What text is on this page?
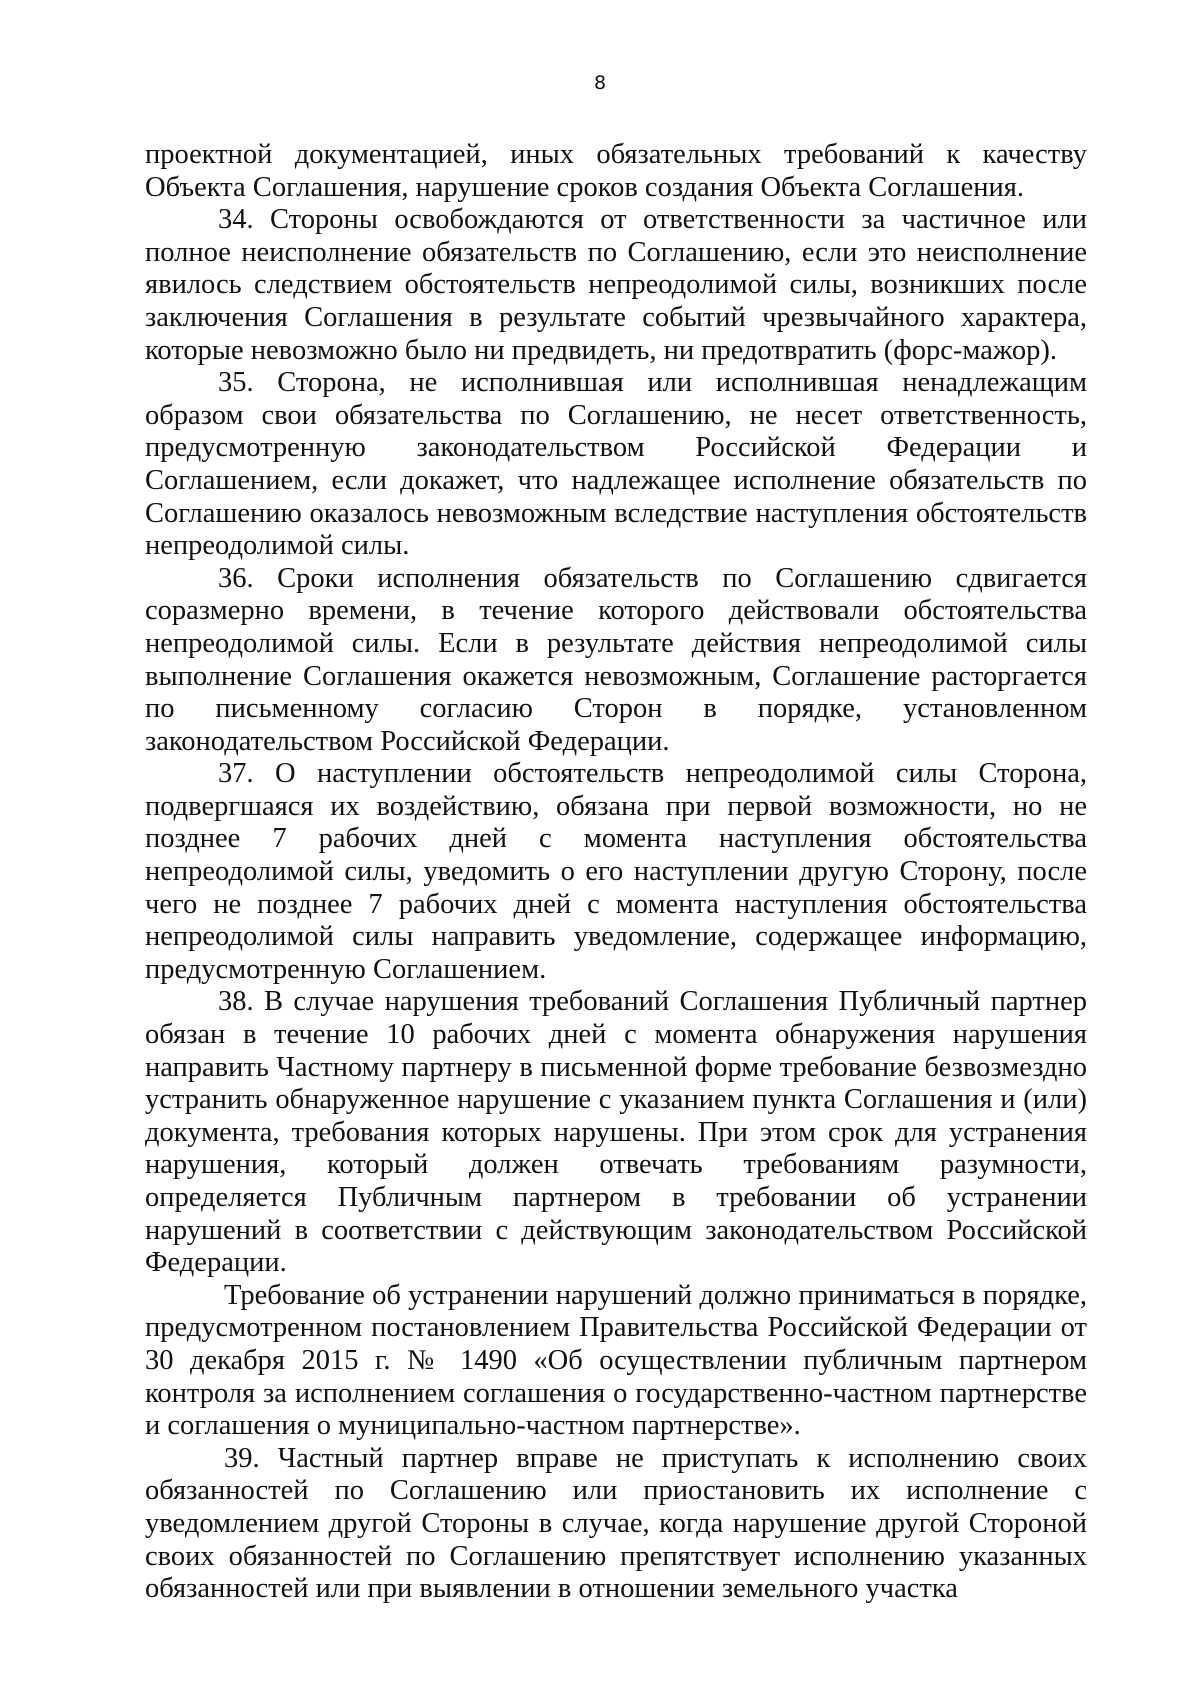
8

проектной документацией, иных обязательных требований к качеству Объекта Соглашения, нарушение сроков создания Объекта Соглашения.

34. Стороны освобождаются от ответственности за частичное или полное неисполнение обязательств по Соглашению, если это неисполнение явилось следствием обстоятельств непреодолимой силы, возникших после заключения Соглашения в результате событий чрезвычайного характера, которые невозможно было ни предвидеть, ни предотвратить (форс-мажор).

35. Сторона, не исполнившая или исполнившая ненадлежащим образом свои обязательства по Соглашению, не несет ответственность, предусмотренную законодательством Российской Федерации и Соглашением, если докажет, что надлежащее исполнение обязательств по Соглашению оказалось невозможным вследствие наступления обстоятельств непреодолимой силы.

36. Сроки исполнения обязательств по Соглашению сдвигается соразмерно времени, в течение которого действовали обстоятельства непреодолимой силы. Если в результате действия непреодолимой силы выполнение Соглашения окажется невозможным, Соглашение расторгается по письменному согласию Сторон в порядке, установленном законодательством Российской Федерации.

37. О наступлении обстоятельств непреодолимой силы Сторона, подвергшаяся их воздействию, обязана при первой возможности, но не позднее 7 рабочих дней с момента наступления обстоятельства непреодолимой силы, уведомить о его наступлении другую Сторону, после чего не позднее 7 рабочих дней с момента наступления обстоятельства непреодолимой силы направить уведомление, содержащее информацию, предусмотренную Соглашением.

38. В случае нарушения требований Соглашения Публичный партнер обязан в течение 10 рабочих дней с момента обнаружения нарушения направить Частному партнеру в письменной форме требование безвозмездно устранить обнаруженное нарушение с указанием пункта Соглашения и (или) документа, требования которых нарушены. При этом срок для устранения нарушения, который должен отвечать требованиям разумности, определяется Публичным партнером в требовании об устранении нарушений в соответствии с действующим законодательством Российской Федерации.

Требование об устранении нарушений должно приниматься в порядке, предусмотренном постановлением Правительства Российской Федерации от 30 декабря 2015 г. № 1490 «Об осуществлении публичным партнером контроля за исполнением соглашения о государственно-частном партнерстве и соглашения о муниципально-частном партнерстве».

39. Частный партнер вправе не приступать к исполнению своих обязанностей по Соглашению или приостановить их исполнение с уведомлением другой Стороны в случае, когда нарушение другой Стороной своих обязанностей по Соглашению препятствует исполнению указанных обязанностей или при выявлении в отношении земельного участка
